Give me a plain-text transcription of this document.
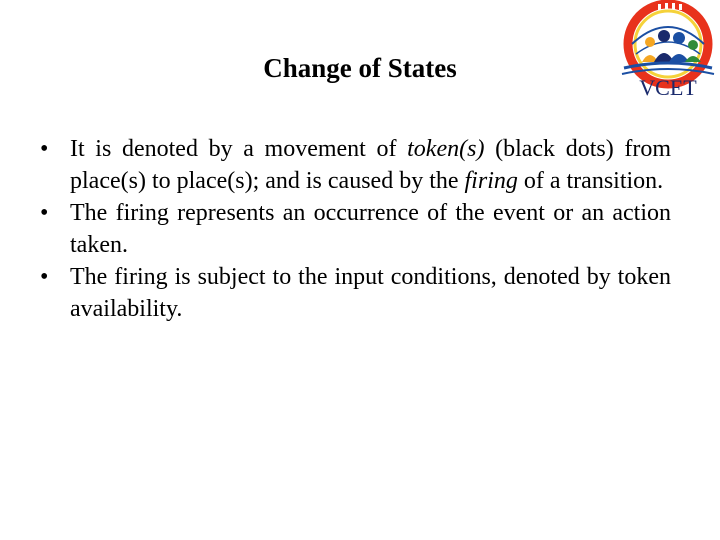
Change of States
VCET
• It is denoted by a movement of token(s) (black dots) from place(s) to place(s); and is caused by the firing of a transition.
• The firing represents an occurrence of the event or an action taken.
• The firing is subject to the input conditions, denoted by token availability.
